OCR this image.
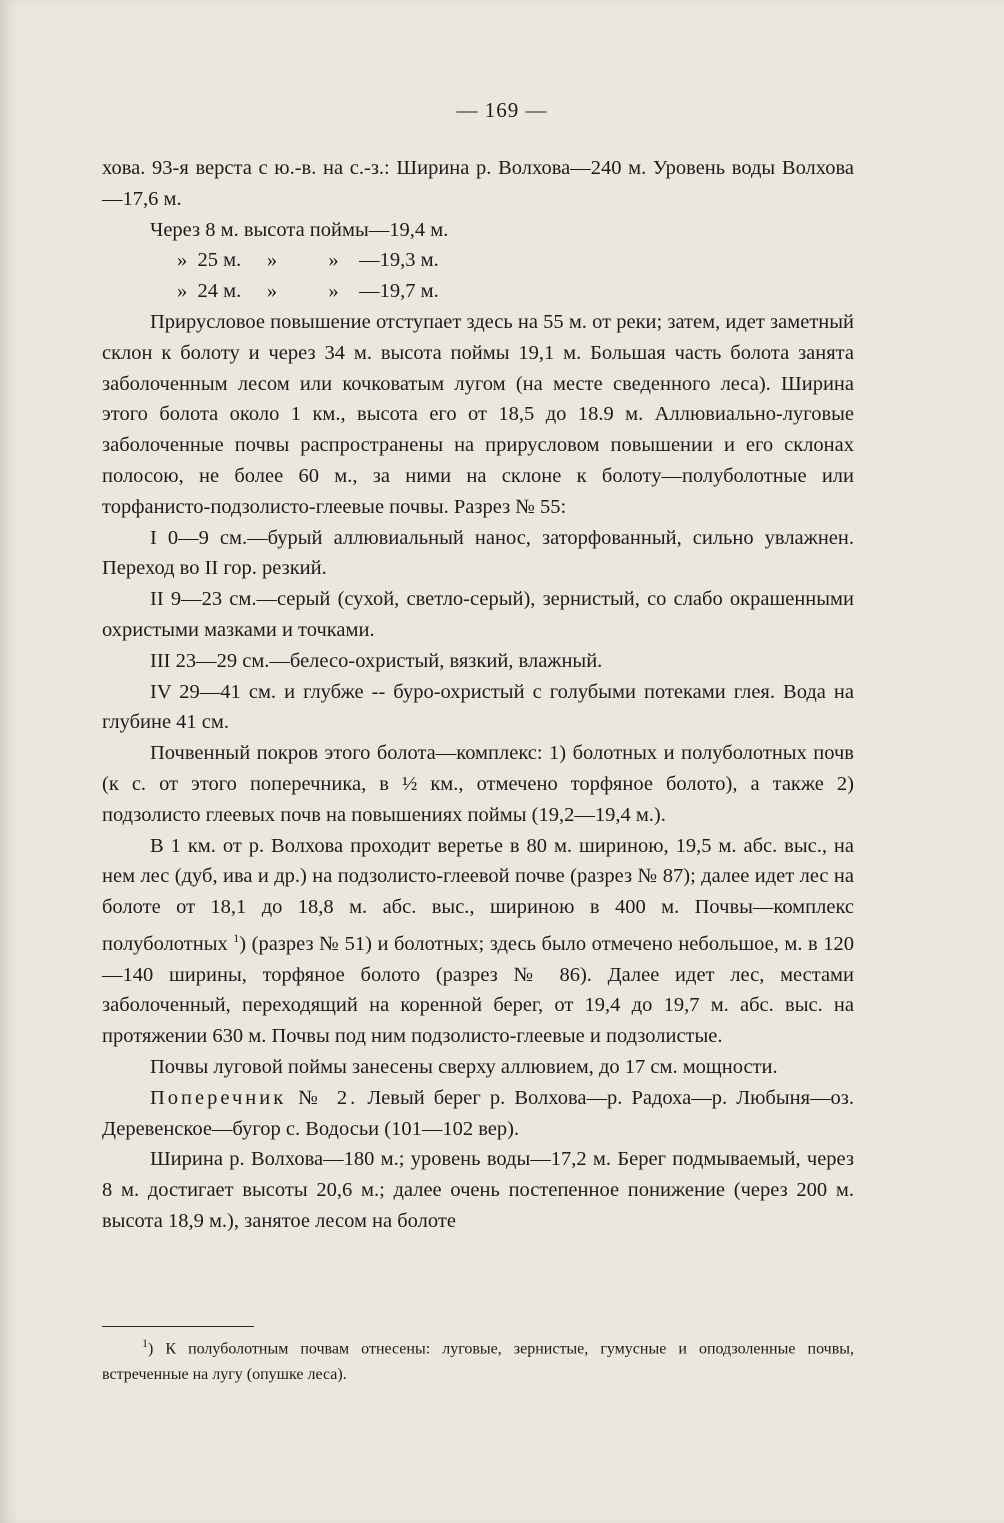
— 169 —

хова. 93-я верста с ю.-в. на с.-з.: Ширина р. Волхова—240 м. Уровень воды Волхова—17,6 м.

Через 8 м. высота поймы—19,4 м.

»  25 м.     »          »    —19,3 м.

»  24 м.     »          »    —19,7 м.

Прирусловое повышение отступает здесь на 55 м. от реки; затем, идет заметный склон к болоту и через 34 м. высота поймы 19,1 м. Большая часть болота занята заболоченным лесом или кочковатым лугом (на месте сведенного леса). Ширина этого болота около 1 км., высота его от 18,5 до 18.9 м. Аллювиально-луговые заболоченные почвы распространены на прирусловом повышении и его склонах полосою, не более 60 м., за ними на склоне к болоту—полуболотные или торфанисто-подзолисто-глеевые почвы. Разрез № 55:

I 0—9 см.—бурый аллювиальный нанос, заторфованный, сильно увлажнен. Переход во II гор. резкий.

II 9—23 см.—серый (сухой, светло-серый), зернистый, со слабо окрашенными охристыми мазками и точками.

III 23—29 см.—белесо-охристый, вязкий, влажный.

IV 29—41 см. и глубже -- буро-охристый с голубыми потеками глея. Вода на глубине 41 см.

Почвенный покров этого болота—комплекс: 1) болотных и полуболотных почв (к с. от этого поперечника, в ½ км., отмечено торфяное болото), а также 2) подзолисто глеевых почв на повышениях поймы (19,2—19,4 м.).

В 1 км. от р. Волхова проходит веретье в 80 м. шириною, 19,5 м. абс. выс., на нем лес (дуб, ива и др.) на подзолисто-глеевой почве (разрез № 87); далее идет лес на болоте от 18,1 до 18,8 м. абс. выс., шириною в 400 м. Почвы—комплекс полуболотных $^1$) (разрез № 51) и болотных; здесь было отмечено небольшое, м. в 120—140 ширины, торфяное болото (разрез № 86). Далее идет лес, местами заболоченный, переходящий на коренной берег, от 19,4 до 19,7 м. абс. выс. на протяжении 630 м. Почвы под ним подзолисто-глеевые и подзолистые.

Почвы луговой поймы занесены сверху аллювием, до 17 см. мощности.

Поперечник № 2. Левый берег р. Волхова—р. Радоха—р. Любыня—оз. Деревенское—бугор с. Водосьи (101—102 вер).

Ширина р. Волхова—180 м.; уровень воды—17,2 м. Берег подмываемый, через 8 м. достигает высоты 20,6 м.; далее очень постепенное понижение (через 200 м. высота 18,9 м.), занятое лесом на болоте

$^1$) К полуболотным почвам отнесены: луговые, зернистые, гумусные и оподзоленные почвы, встреченные на лугу (опушке леса).
